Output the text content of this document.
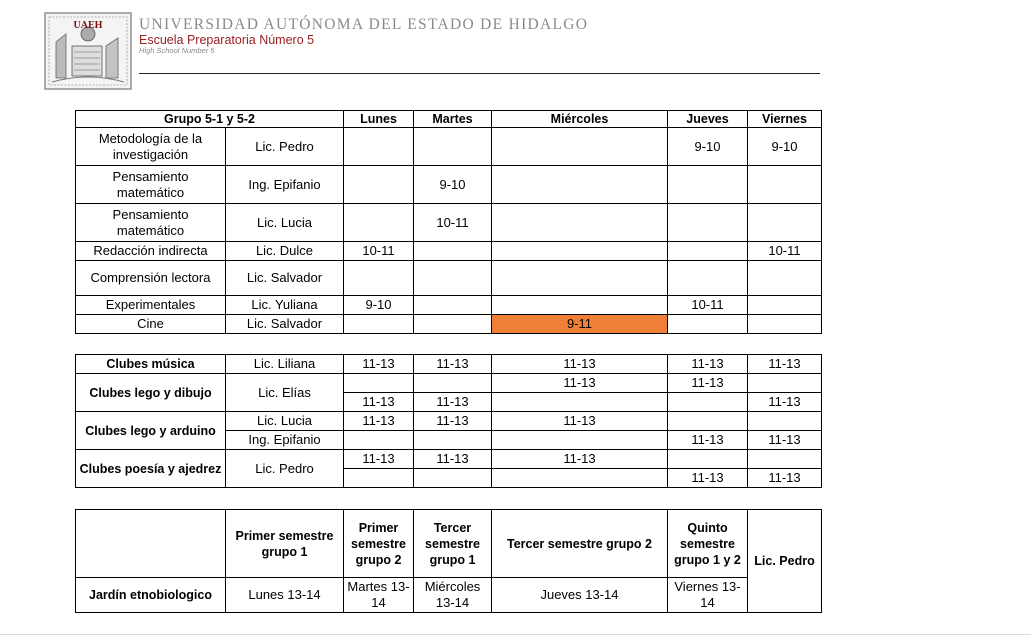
UAEH UNIVERSIDAD AUTÓNOMA DEL ESTADO DE HIDALGO
Escuela Preparatoria Número 5
High School Number 5
Grupo 5-1 y 5-2		Lunes	Martes	Miércoles	Jueves	Viernes
Metodología de la investigación	Lic. Pedro				9-10	9-10
Pensamiento matemático	Ing. Epifanio		9-10			
Pensamiento matemático	Lic. Lucia		10-11			
Redacción indirecta	Lic. Dulce	10-11				10-11
Comprensión lectora	Lic. Salvador					
Experimentales	Lic. Yuliana	9-10			10-11	
Cine	Lic. Salvador			9-11		
Clubes música	Lic. Liliana	11-13	11-13	11-13	11-13	11-13
Clubes lego y dibujo	Lic. Elías			11-13	11-13	
		11-13	11-13			11-13
Clubes lego y arduino	Lic. Lucia	11-13	11-13	11-13		
	Ing. Epifanio				11-13	11-13
Clubes poesía y ajedrez	Lic. Pedro	11-13	11-13	11-13		
					11-13	11-13
	Primer semestre grupo 1	Primer semestre grupo 2	Tercer semestre grupo 1	Tercer semestre grupo 2	Quinto semestre grupo 1 y 2	Lic. Pedro
Jardín etnobiologico	Lunes 13-14	Martes 13-14	Miércoles 13-14	Jueves 13-14	Viernes 13-14	
